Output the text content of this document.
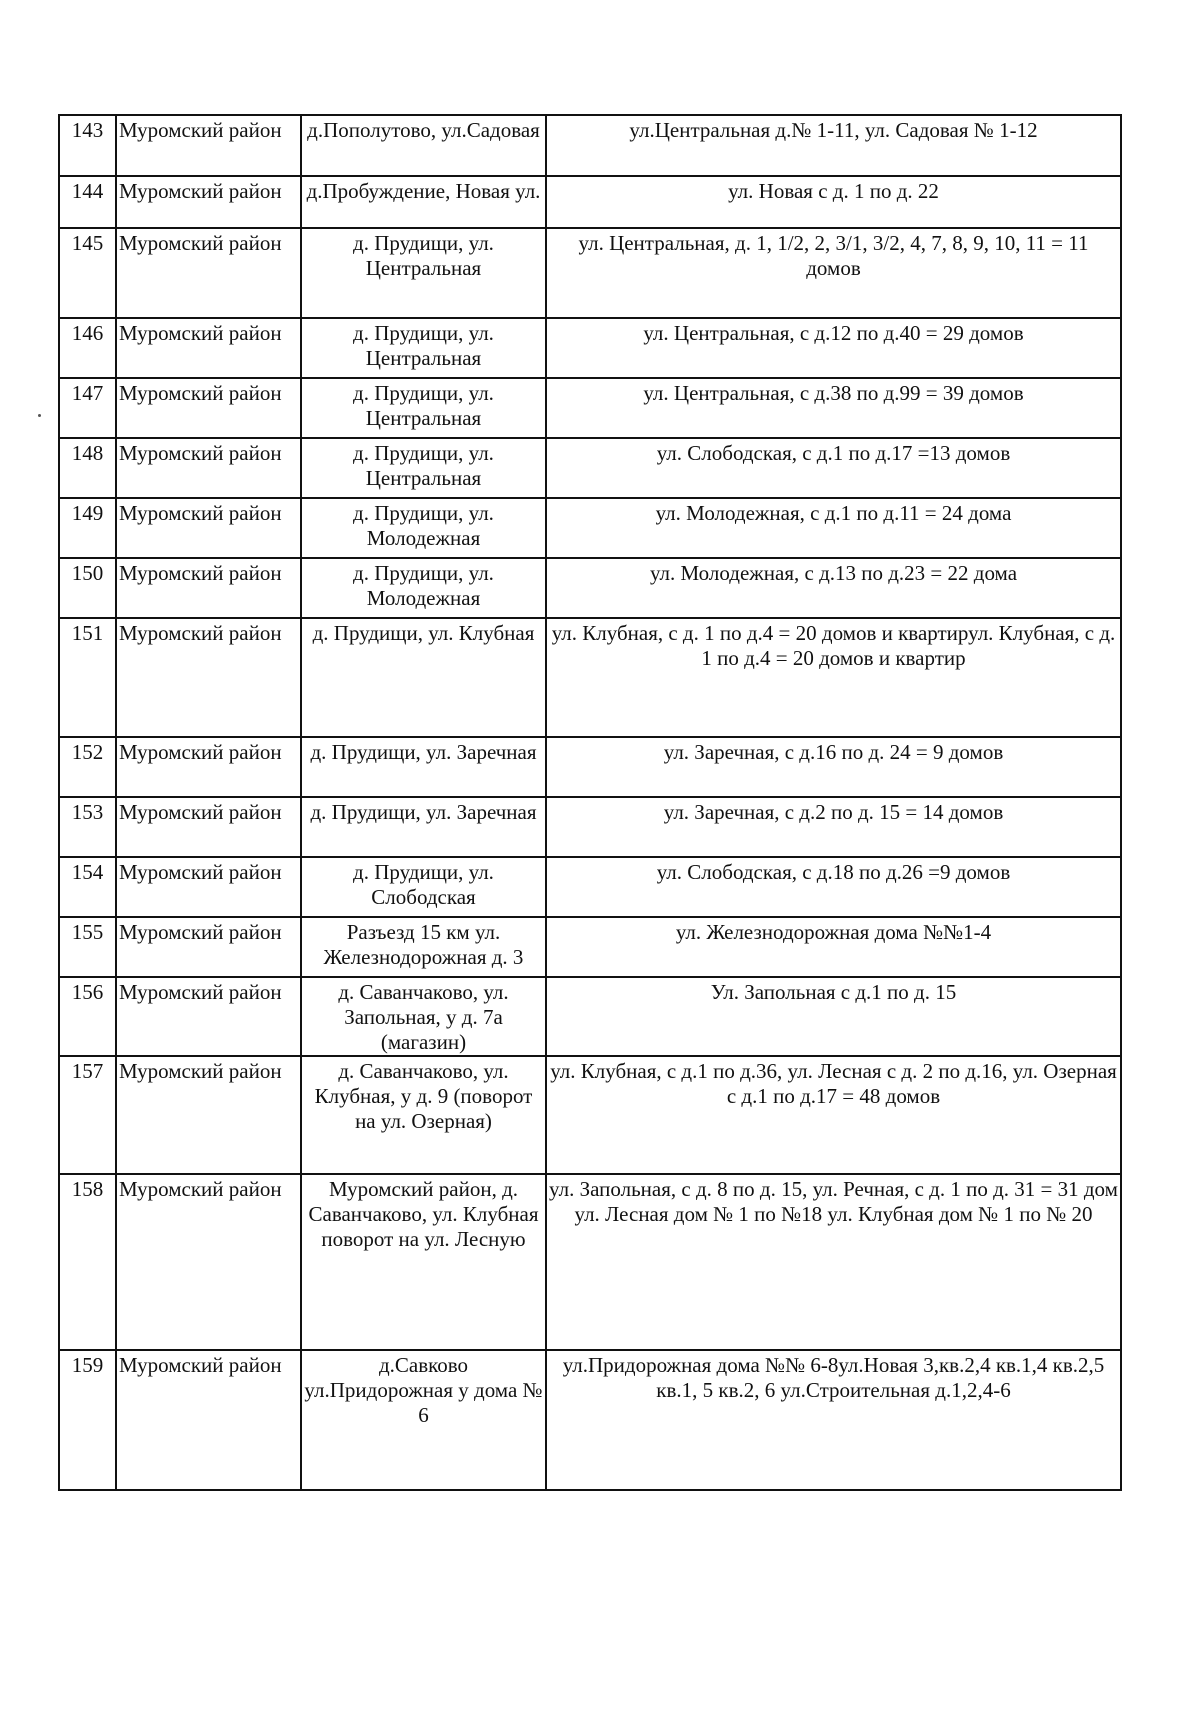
143	Муромский район	д.Пополутово, ул.Садовая	ул.Центральная д.№ 1-11, ул. Садовая № 1-12
144	Муромский район	д.Пробуждение, Новая ул.	ул. Новая с д. 1 по д. 22
145	Муромский район	д. Прудищи, ул. Центральная	ул. Центральная, д. 1, 1/2, 2, 3/1, 3/2, 4, 7, 8, 9, 10, 11 = 11 домов
146	Муромский район	д. Прудищи, ул. Центральная	ул. Центральная, с д.12 по д.40 = 29 домов
147	Муромский район	д. Прудищи, ул. Центральная	ул. Центральная, с д.38 по д.99 = 39 домов
148	Муромский район	д. Прудищи, ул. Центральная	ул. Слободская, с д.1 по д.17 =13 домов
149	Муромский район	д. Прудищи, ул. Молодежная	ул. Молодежная, с д.1 по д.11 = 24 дома
150	Муромский район	д. Прудищи, ул. Молодежная	ул. Молодежная, с д.13 по д.23 = 22 дома
151	Муромский район	д. Прудищи, ул. Клубная	ул. Клубная, с д. 1 по д.4 = 20 домов и квартирул. Клубная, с д. 1 по д.4 = 20 домов и квартир
152	Муромский район	д. Прудищи, ул. Заречная	ул. Заречная, с д.16 по д. 24 = 9 домов
153	Муромский район	д. Прудищи, ул. Заречная	ул. Заречная, с д.2 по д. 15 = 14 домов
154	Муромский район	д. Прудищи, ул. Слободская	ул. Слободская, с д.18 по д.26 =9 домов
155	Муромский район	Разъезд 15 км ул. Железнодорожная д. 3	ул. Железнодорожная дома №№1-4
156	Муромский район	д. Саванчаково, ул. Запольная, у д. 7а (магазин)	Ул. Запольная с д.1 по д. 15
157	Муромский район	д. Саванчаково, ул. Клубная, у д. 9 (поворот на ул. Озерная)	ул. Клубная, с д.1 по д.36, ул. Лесная с д. 2 по д.16, ул. Озерная с д.1 по д.17 = 48 домов
158	Муромский район	Муромский район, д. Саванчаково, ул. Клубная поворот на ул. Лесную	ул. Запольная, с д. 8 по д. 15, ул. Речная, с д. 1 по д. 31 = 31 дом ул. Лесная дом № 1 по №18 ул. Клубная дом № 1 по № 20
159	Муромский район	д.Савково ул.Придорожная у дома № 6	ул.Придорожная дома №№ 6-8ул.Новая 3,кв.2,4 кв.1,4 кв.2,5 кв.1, 5 кв.2, 6 ул.Строительная д.1,2,4-6
